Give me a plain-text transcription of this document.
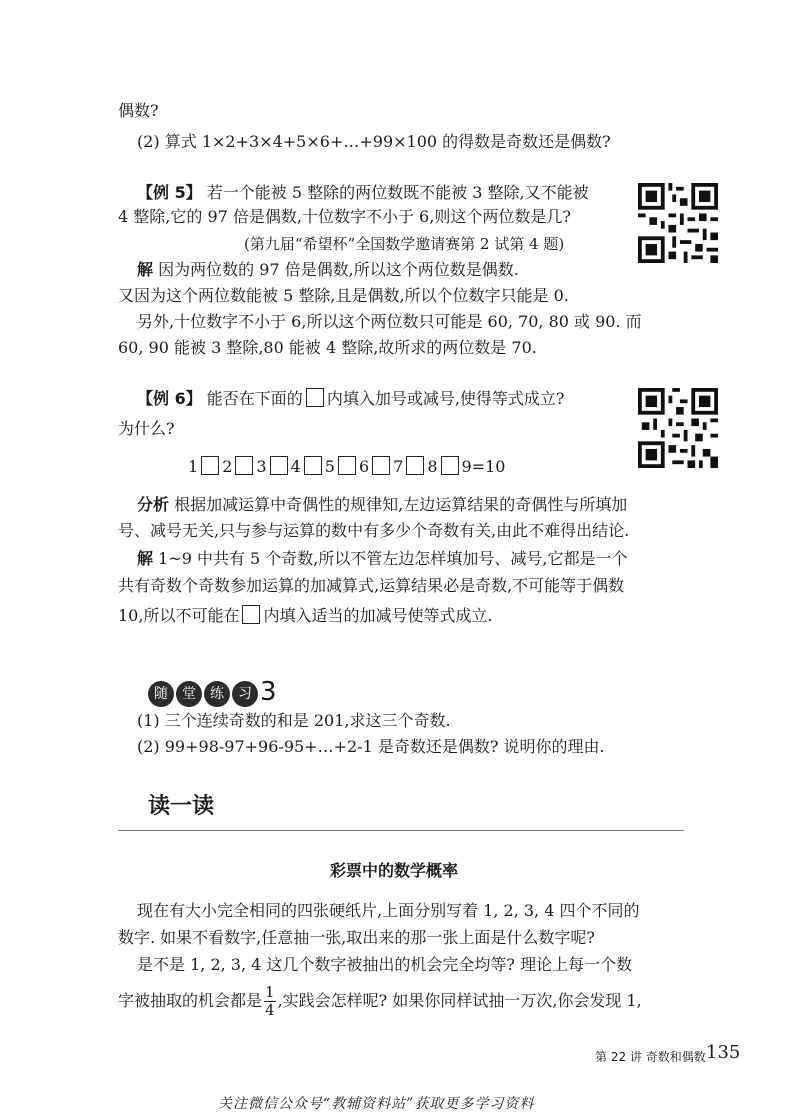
偶数?
(2) 算式 1×2+3×4+5×6+…+99×100 的得数是奇数还是偶数?
【例 5】 若一个能被 5 整除的两位数既不能被 3 整除,又不能被
4 整除,它的 97 倍是偶数,十位数字不小于 6,则这个两位数是几?
(第九届“希望杯”全国数学邀请赛第 2 试第 4 题)
解 因为两位数的 97 倍是偶数,所以这个两位数是偶数.
又因为这个两位数能被 5 整除,且是偶数,所以个位数字只能是 0.
另外,十位数字不小于 6,所以这个两位数只可能是 60, 70, 80 或 90. 而
60, 90 能被 3 整除,80 能被 4 整除,故所求的两位数是 70.
【例 6】 能否在下面的 内填入加号或减号,使得等式成立?
为什么?
1 2 3 4 5 6 7 8 9=10
分析 根据加减运算中奇偶性的规律知,左边运算结果的奇偶性与所填加
号、减号无关,只与参与运算的数中有多少个奇数有关,由此不难得出结论.
解 1~9 中共有 5 个奇数,所以不管左边怎样填加号、减号,它都是一个
共有奇数个奇数参加运算的加减算式,运算结果必是奇数,不可能等于偶数
10,所以不可能在 内填入适当的加减号使等式成立.
随 堂 练 习 3
(1) 三个连续奇数的和是 201,求这三个奇数.
(2) 99+98-97+96-95+…+2-1 是奇数还是偶数? 说明你的理由.
读一读
彩票中的数学概率
现在有大小完全相同的四张硬纸片,上面分别写着 1, 2, 3, 4 四个不同的
数字. 如果不看数字,任意抽一张,取出来的那一张上面是什么数字呢?
是不是 1, 2, 3, 4 这几个数字被抽出的机会完全均等? 理论上每一个数
字被抽取的机会都是 $\frac{1}{4}$ ,实践会怎样呢? 如果你同样试抽一万次,你会发现 1,
第 22 讲 奇数和偶数 135
关注微信公众号“教辅资料站”获取更多学习资料
